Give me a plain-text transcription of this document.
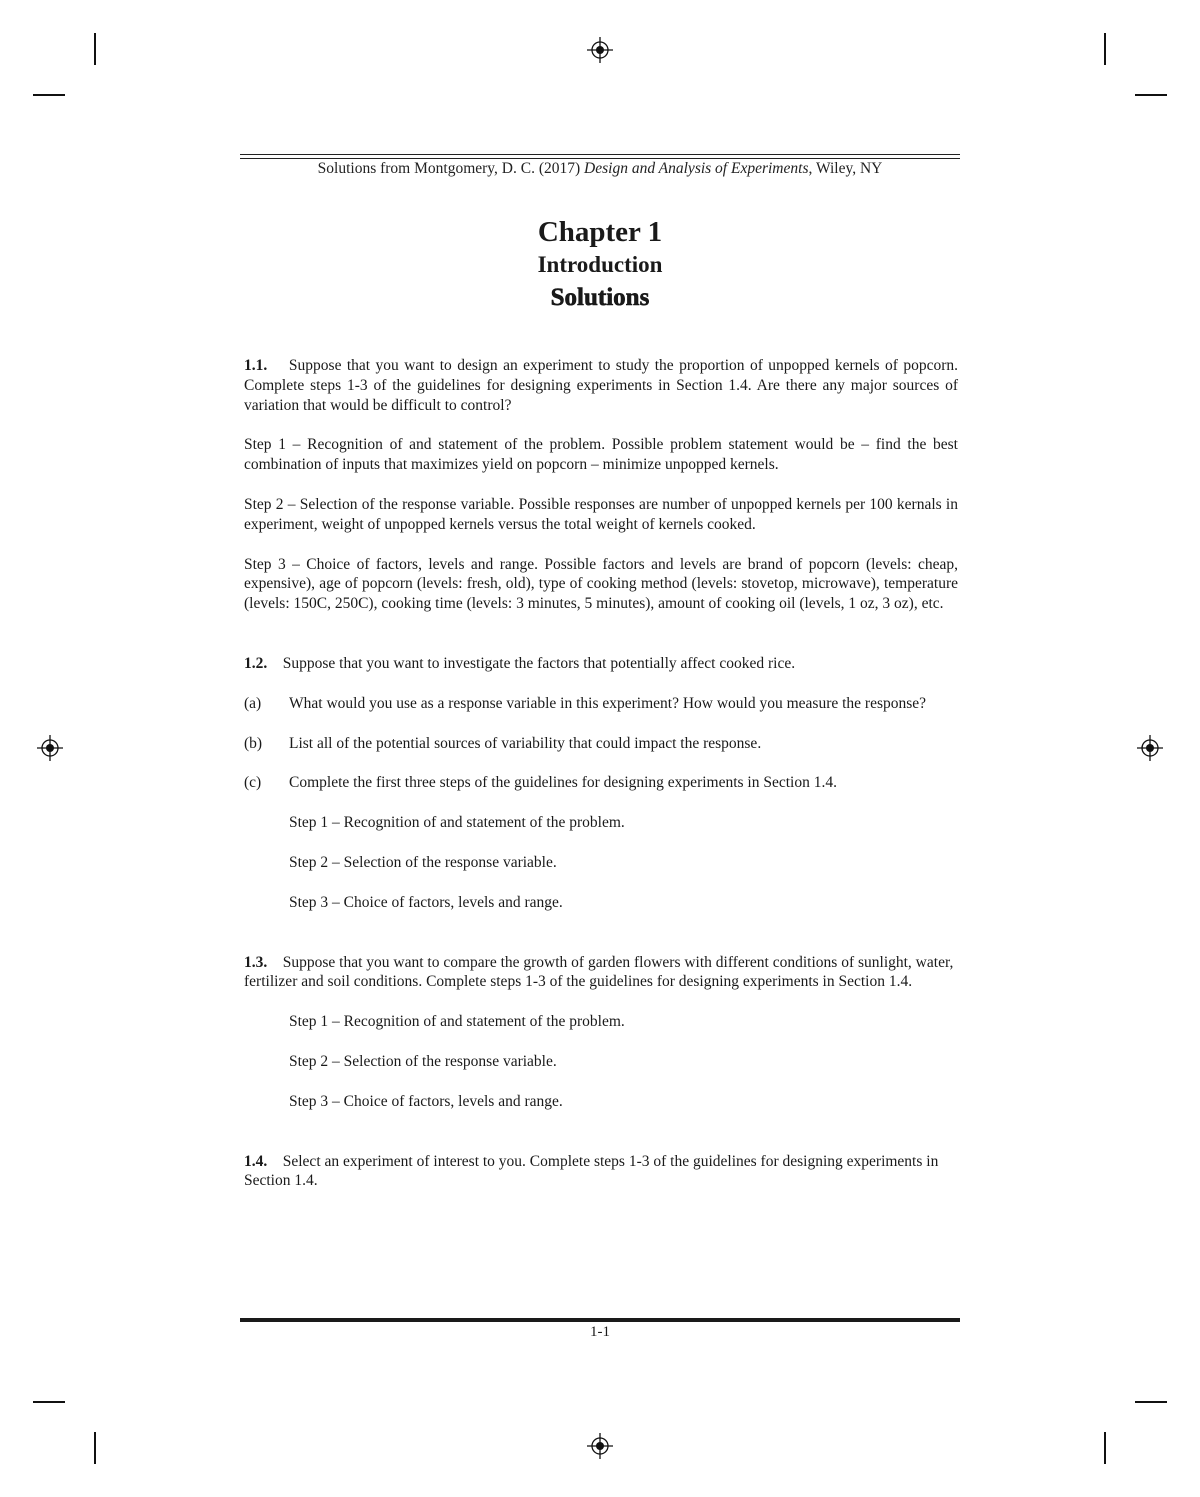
Solutions from Montgomery, D. C. (2017) Design and Analysis of Experiments, Wiley, NY
Chapter 1
Introduction
Solutions

1.1. Suppose that you want to design an experiment to study the proportion of unpopped kernels of popcorn. Complete steps 1-3 of the guidelines for designing experiments in Section 1.4. Are there any major sources of variation that would be difficult to control?

Step 1 – Recognition of and statement of the problem. Possible problem statement would be – find the best combination of inputs that maximizes yield on popcorn – minimize unpopped kernels.

Step 2 – Selection of the response variable. Possible responses are number of unpopped kernels per 100 kernals in experiment, weight of unpopped kernels versus the total weight of kernels cooked.

Step 3 – Choice of factors, levels and range. Possible factors and levels are brand of popcorn (levels: cheap, expensive), age of popcorn (levels: fresh, old), type of cooking method (levels: stovetop, microwave), temperature (levels: 150C, 250C), cooking time (levels: 3 minutes, 5 minutes), amount of cooking oil (levels, 1 oz, 3 oz), etc.

1.2. Suppose that you want to investigate the factors that potentially affect cooked rice.

(a)	What would you use as a response variable in this experiment? How would you measure the response?
(b)	List all of the potential sources of variability that could impact the response.
(c)	Complete the first three steps of the guidelines for designing experiments in Section 1.4.

Step 1 – Recognition of and statement of the problem.

Step 2 – Selection of the response variable.

Step 3 – Choice of factors, levels and range.

1.3. Suppose that you want to compare the growth of garden flowers with different conditions of sunlight, water, fertilizer and soil conditions. Complete steps 1-3 of the guidelines for designing experiments in Section 1.4.

Step 1 – Recognition of and statement of the problem.

Step 2 – Selection of the response variable.

Step 3 – Choice of factors, levels and range.

1.4. Select an experiment of interest to you. Complete steps 1-3 of the guidelines for designing experiments in Section 1.4.

1-1
